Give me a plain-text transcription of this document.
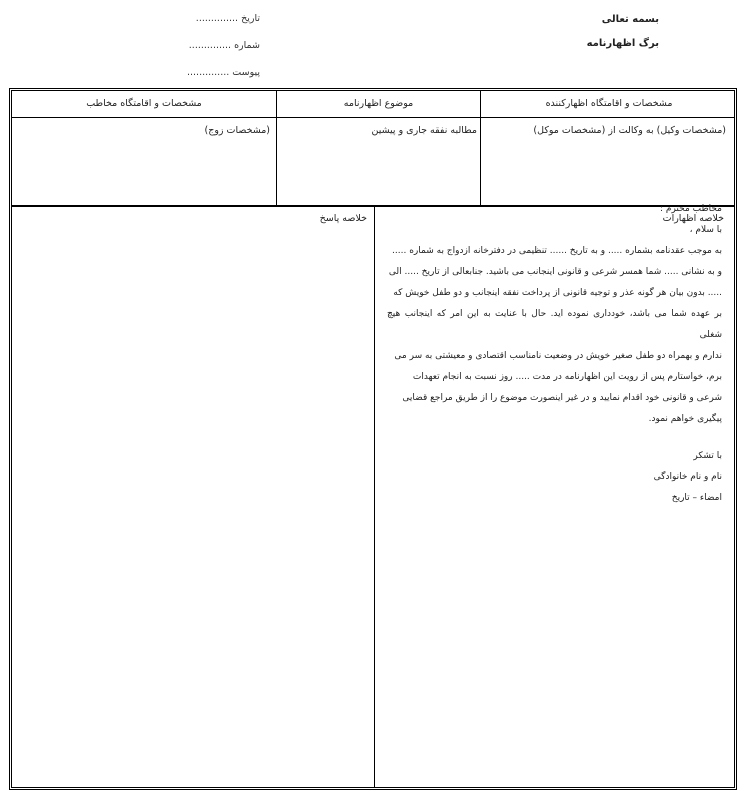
بسمه تعالی
برگ اظهارنامه
تاریخ ..............
شماره ..............
پیوست ..............
مشخصات و اقامتگاه اظهارکننده
موضوع اظهارنامه
مشخصات و اقامتگاه مخاطب
(مشخصات وکیل) به وکالت از (مشخصات موکل)
مطالبه نفقه جاری و پیشین
(مشخصات زوج)
خلاصه اظهارات
خلاصه پاسخ

مخاطب محترم :

با سلام ،

به موجب عقدنامه بشماره ..... و به تاریخ ...... تنظیمی در دفترخانه ازدواج به شماره .....

و به نشانی ..... شما همسر شرعی و قانونی اینجانب می باشید. جنابعالی از تاریخ ..... الی

..... بدون بیان هر گونه عذر و توجیه قانونی از پرداخت نفقه اینجانب و دو طفل خویش که

بر عهده شما می باشد، خودداری نموده اید. حال با عنایت به این امر که اینجانب هیچ شغلی

ندارم و بهمراه دو طفل صغیر خویش در وضعیت نامناسب اقتصادی و معیشتی به سر می

برم، خواستارم پس از رویت این اظهارنامه در مدت ..... روز نسبت به انجام تعهدات

شرعی و قانونی خود اقدام نمایید و در غیر اینصورت موضوع را از طریق مراجع قضایی

پیگیری خواهم نمود.

با تشکر

نام و نام خانوادگی

امضاء – تاریخ
